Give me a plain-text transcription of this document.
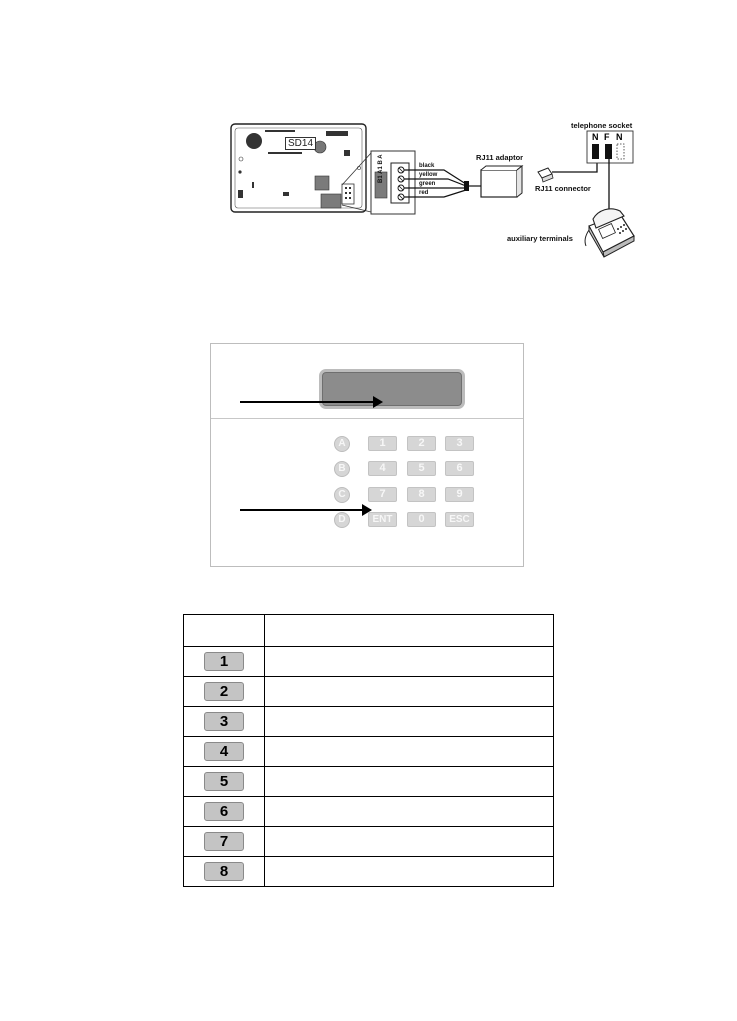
SD14
B1 A1 B A
black
yellow
green
red
RJ11 adaptor
RJ11 connector
telephone socket
N F N
auxiliary terminals
A
B
C
D
1	2	3
4	5	6
7	8	9
ENT	0	ESC

1	
2	
3	
4	
5	
6	
7	
8	
